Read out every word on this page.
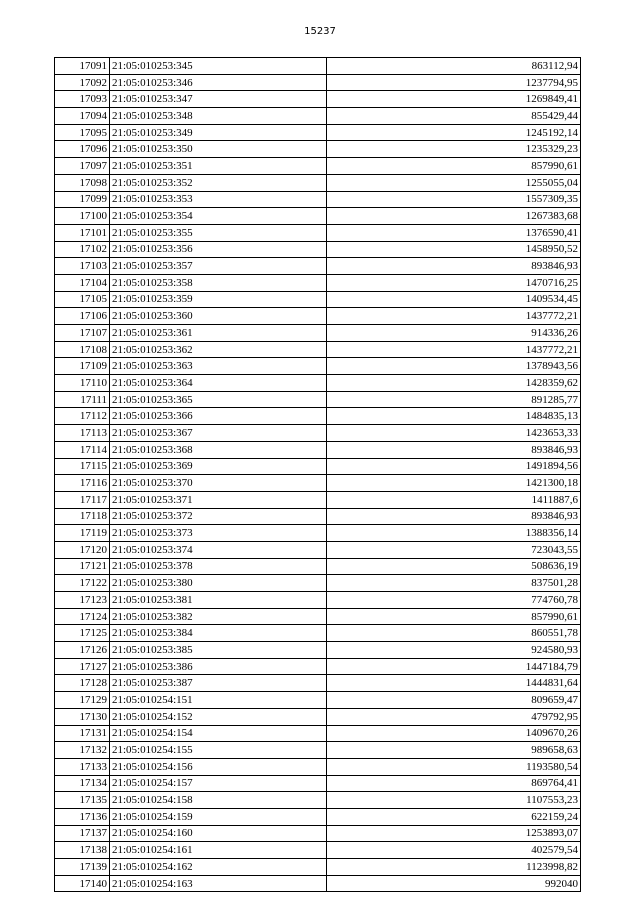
15237
17091	21:05:010253:345	863112,94
17092	21:05:010253:346	1237794,95
17093	21:05:010253:347	1269849,41
17094	21:05:010253:348	855429,44
17095	21:05:010253:349	1245192,14
17096	21:05:010253:350	1235329,23
17097	21:05:010253:351	857990,61
17098	21:05:010253:352	1255055,04
17099	21:05:010253:353	1557309,35
17100	21:05:010253:354	1267383,68
17101	21:05:010253:355	1376590,41
17102	21:05:010253:356	1458950,52
17103	21:05:010253:357	893846,93
17104	21:05:010253:358	1470716,25
17105	21:05:010253:359	1409534,45
17106	21:05:010253:360	1437772,21
17107	21:05:010253:361	914336,26
17108	21:05:010253:362	1437772,21
17109	21:05:010253:363	1378943,56
17110	21:05:010253:364	1428359,62
17111	21:05:010253:365	891285,77
17112	21:05:010253:366	1484835,13
17113	21:05:010253:367	1423653,33
17114	21:05:010253:368	893846,93
17115	21:05:010253:369	1491894,56
17116	21:05:010253:370	1421300,18
17117	21:05:010253:371	1411887,6
17118	21:05:010253:372	893846,93
17119	21:05:010253:373	1388356,14
17120	21:05:010253:374	723043,55
17121	21:05:010253:378	508636,19
17122	21:05:010253:380	837501,28
17123	21:05:010253:381	774760,78
17124	21:05:010253:382	857990,61
17125	21:05:010253:384	860551,78
17126	21:05:010253:385	924580,93
17127	21:05:010253:386	1447184,79
17128	21:05:010253:387	1444831,64
17129	21:05:010254:151	809659,47
17130	21:05:010254:152	479792,95
17131	21:05:010254:154	1409670,26
17132	21:05:010254:155	989658,63
17133	21:05:010254:156	1193580,54
17134	21:05:010254:157	869764,41
17135	21:05:010254:158	1107553,23
17136	21:05:010254:159	622159,24
17137	21:05:010254:160	1253893,07
17138	21:05:010254:161	402579,54
17139	21:05:010254:162	1123998,82
17140	21:05:010254:163	992040
